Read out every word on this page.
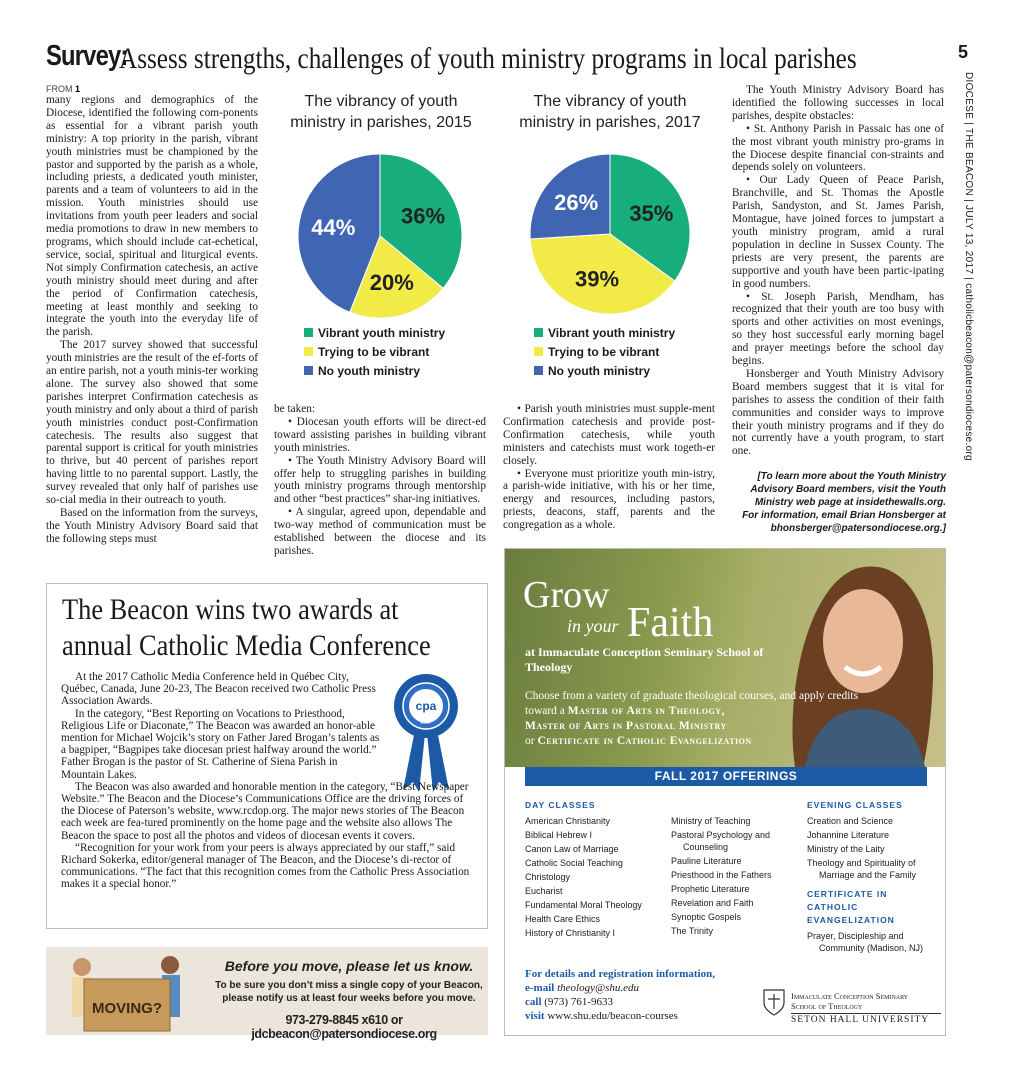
5
DIOCESE | THE BEACON | JULY 13, 2017 | catholicbeacon@patersondiocese.org
Survey:
Assess strengths, challenges of youth ministry programs in local parishes
FROM 1

many regions and demographics of the Diocese, identified the following com-ponents as essential for a vibrant parish youth ministry: A top priority in the parish, vibrant youth ministries must be championed by the pastor and supported by the parish as a whole, including priests, a dedicated youth minister, parents and a team of volunteers to aid in the mission. Youth ministries should use invitations from youth peer leaders and social media promotions to draw in new members to programs, which should include cat-echetical, service, social, spiritual and liturgical events. Not simply Confirmation catechesis, an active youth ministry should meet during and after the period of Confirmation catechesis, meeting at least monthly and seeking to integrate the youth into the everyday life of the parish.

The 2017 survey showed that successful youth ministries are the result of the ef-forts of an entire parish, not a youth minis-ter working alone. The survey also showed that some parishes interpret Confirmation catechesis as youth ministry and only about a third of parish youth ministries conduct post-Confirmation catechesis. The results also suggest that parental support is critical for youth ministries to thrive, but 40 percent of parishes report having little to no parental support. Lastly, the survey revealed that only half of parishes use so-cial media in their outreach to youth.

Based on the information from the surveys, the Youth Ministry Advisory Board said that the following steps must

The vibrancy of youth ministry in parishes, 2015
36%
20%
44%
Vibrant youth ministry
Trying to be vibrant
No youth ministry
The vibrancy of youth ministry in parishes, 2017
35%
39%
26%
Vibrant youth ministry
Trying to be vibrant
No youth ministry

be taken:

• Diocesan youth efforts will be direct-ed toward assisting parishes in building vibrant youth ministries.

• The Youth Ministry Advisory Board will offer help to struggling parishes in building youth ministry programs through mentorship and other “best practices” shar-ing initiatives.

• A singular, agreed upon, dependable and two-way method of communication must be established between the diocese and its parishes.

• Parish youth ministries must supple-ment Confirmation catechesis and provide post-Confirmation catechesis, while youth ministers and catechists must work togeth-er closely.

• Everyone must prioritize youth min-istry, a parish-wide initiative, with his or her time, energy and resources, including pastors, priests, deacons, staff, parents and the congregation as a whole.

The Youth Ministry Advisory Board has identified the following successes in local parishes, despite obstacles:

• St. Anthony Parish in Passaic has one of the most vibrant youth ministry pro-grams in the Diocese despite financial con-straints and depends solely on volunteers.

• Our Lady Queen of Peace Parish, Branchville, and St. Thomas the Apostle Parish, Sandyston, and St. James Parish, Montague, have joined forces to jumpstart a youth ministry program, amid a rural population in decline in Sussex County. The priests are very present, the parents are supportive and youth have been partic-ipating in good numbers.

• St. Joseph Parish, Mendham, has recognized that their youth are too busy with sports and other activities on most evenings, so they host successful early morning bagel and prayer meetings before the school day begins.

Honsberger and Youth Ministry Advisory Board members suggest that it is vital for parishes to assess the condition of their faith communities and consider ways to improve their youth ministry programs and if they do not currently have a youth program, to start one.

[To learn more about the Youth Ministry Advisory Board members, visit the Youth Ministry web page at insidethewalls.org. For information, email Brian Honsberger at bhonsberger@patersondiocese.org.]
The Beacon wins two awards at
annual Catholic Media Conference
cpa
2017

At the 2017 Catholic Media Conference held in Québec City, Québec, Canada, June 20-23, The Beacon received two Catholic Press Association Awards.

In the category, “Best Reporting on Vocations to Priesthood, Religious Life or Diaconate,” The Beacon was awarded an honor-able mention for Michael Wojcik’s story on Father Jared Brogan’s talents as a bagpiper, “Bagpipes take diocesan priest halfway around the world.” Father Brogan is the pastor of St. Catherine of Siena Parish in Mountain Lakes.

The Beacon was also awarded and honorable mention in the category, “Best Newspaper Website.” The Beacon and the Diocese’s Communications Office are the driving forces of the Diocese of Paterson’s website, www.rcdop.org. The major news stories of The Beacon each week are fea-tured prominently on the home page and the website also allows The Beacon the space to post all the photos and videos of diocesan events it covers.

“Recognition for your work from your peers is always appreciated by our staff,” said Richard Sokerka, editor/general manager of The Beacon, and the Diocese’s di-rector of communications. “The fact that this recognition comes from the Catholic Press Association makes it a special honor.”

MOVING?
Before you move, please let us know.
To be sure you don’t miss a single copy of your Beacon, please notify us at least four weeks before you move.
973-279-8845 x610 or jdcbeacon@patersondiocese.org
Grow
in your Faith
at Immaculate Conception Seminary School of Theology
Choose from a variety of graduate theological courses, and apply credits toward a Master of Arts in Theology,
Master of Arts in Pastoral Ministry
or Certificate in Catholic Evangelization
FALL 2017 OFFERINGS
DAY CLASSES
American Christianity
Biblical Hebrew I
Canon Law of Marriage
Catholic Social Teaching
Christology
Eucharist
Fundamental Moral Theology
Health Care Ethics
History of Christianity I
Ministry of Teaching
Pastoral Psychology and
Counseling
Pauline Literature
Priesthood in the Fathers
Prophetic Literature
Revelation and Faith
Synoptic Gospels
The Trinity
EVENING CLASSES
Creation and Science
Johannine Literature
Ministry of the Laity
Theology and Spirituality of
Marriage and the Family
CERTIFICATE IN CATHOLIC EVANGELIZATION
Prayer, Discipleship and
Community (Madison, NJ)
For details and registration information,
e-mail theology@shu.edu
call (973) 761-9633
visit www.shu.edu/beacon-courses
Immaculate Conception Seminary
School of Theology
SETON HALL UNIVERSITY
